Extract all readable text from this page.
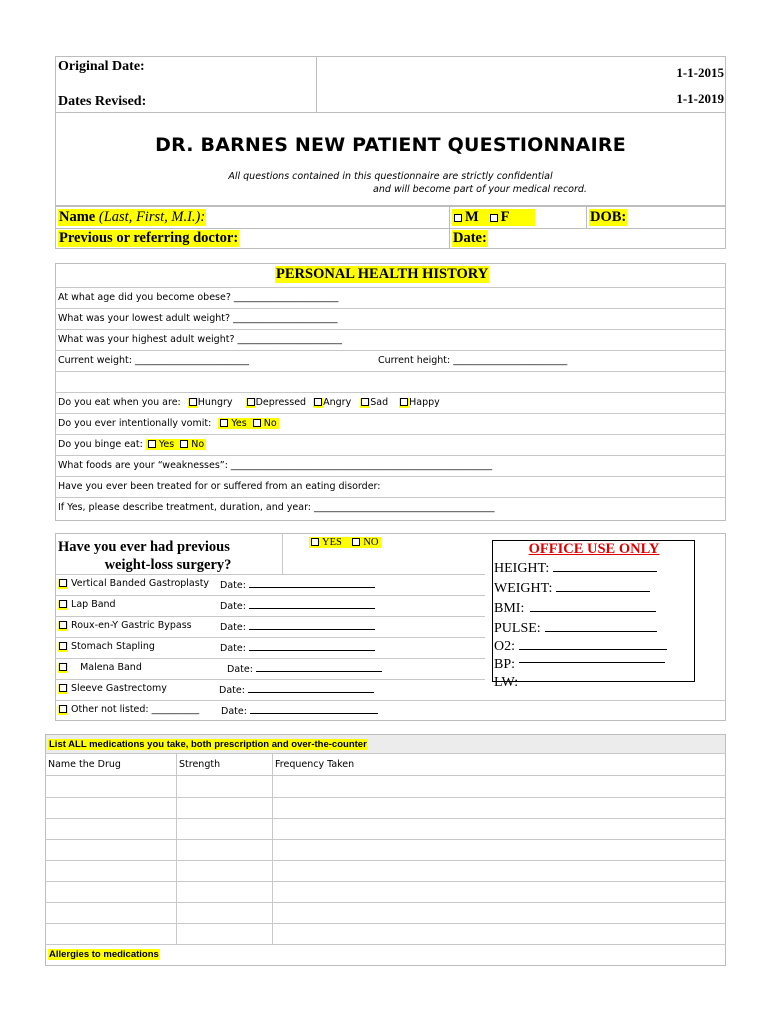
Original Date:	1-1-2015
Dates Revised:	1-1-2019
DR. BARNES NEW PATIENT QUESTIONNAIRE
All questions contained in this questionnaire are strictly confidential
and will become part of your medical record.
Name (Last, First, M.I.):	M F	DOB:
Previous or referring doctor:	Date:
PERSONAL HEALTH HISTORY
At what age did you become obese? ______________________
What was your lowest adult weight? ______________________
What was your highest adult weight? ______________________
Current weight: ________________________	Current height: ________________________
Do you eat when you are: Hungry Depressed Angry Sad Happy
Do you ever intentionally vomit: Yes No
Do you binge eat: Yes No
What foods are your “weaknesses”: _______________________________________________________
Have you ever been treated for or suffered from an eating disorder:
If Yes, please describe treatment, duration, and year: ______________________________________
Have you ever had previous
weight-loss surgery?
YES NO
Vertical Banded Gastroplasty Date:
Lap Band	Date:
Roux-en-Y Gastric Bypass	Date:
Stomach Stapling	Date:
Malena Band	Date:
Sleeve Gastrectomy	Date:
Other not listed: __________ Date:
OFFICE USE ONLY
HEIGHT:
WEIGHT:
BMI:
PULSE:
O2:
BP:
LW:
List ALL medications you take, both prescription and over-the-counter
Name the Drug	Strength	Frequency Taken
Allergies to medications
